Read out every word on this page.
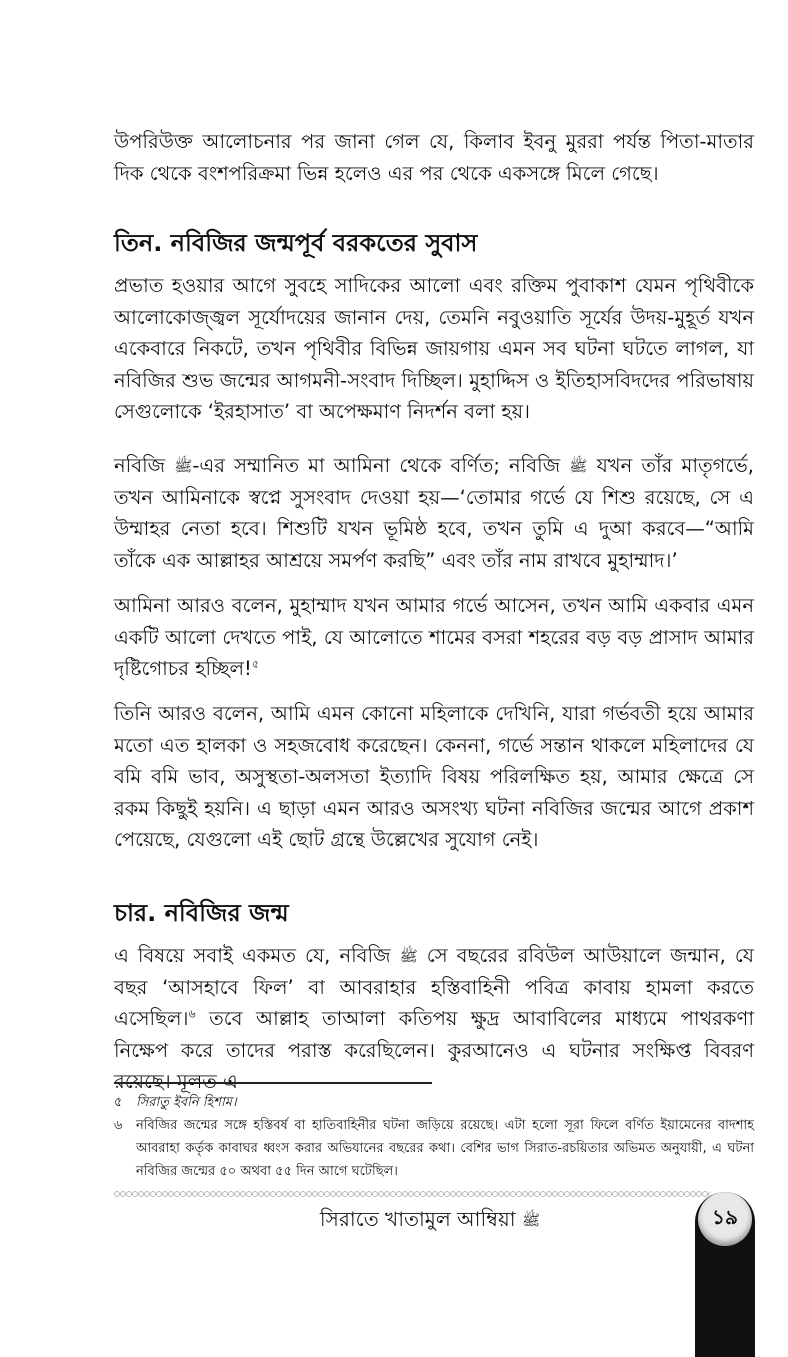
উপরিউক্ত আলোচনার পর জানা গেল যে, কিলাব ইবনু মুররা পর্যন্ত পিতা-মাতার দিক থেকে বংশপরিক্রমা ভিন্ন হলেও এর পর থেকে একসঙ্গে মিলে গেছে।

তিন. নবিজির জন্মপূর্ব বরকতের সুবাস

প্রভাত হওয়ার আগে সুবহে সাদিকের আলো এবং রক্তিম পুবাকাশ যেমন পৃথিবীকে আলোকোজ্জ্বল সূর্যোদয়ের জানান দেয়, তেমনি নবুওয়াতি সূর্যের উদয়-মুহূর্ত যখন একেবারে নিকটে, তখন পৃথিবীর বিভিন্ন জায়গায় এমন সব ঘটনা ঘটতে লাগল, যা নবিজির শুভ জন্মের আগমনী-সংবাদ দিচ্ছিল। মুহাদ্দিস ও ইতিহাসবিদদের পরিভাষায় সেগুলোকে ‘ইরহাসাত’ বা অপেক্ষমাণ নিদর্শন বলা হয়।

নবিজি ﷺ-এর সম্মানিত মা আমিনা থেকে বর্ণিত; নবিজি ﷺ যখন তাঁর মাতৃগর্ভে, তখন আমিনাকে স্বপ্নে সুসংবাদ দেওয়া হয়—‘তোমার গর্ভে যে শিশু রয়েছে, সে এ উম্মাহর নেতা হবে। শিশুটি যখন ভূমিষ্ঠ হবে, তখন তুমি এ দুআ করবে—“আমি তাঁকে এক আল্লাহর আশ্রয়ে সমর্পণ করছি” এবং তাঁর নাম রাখবে মুহাম্মাদ।’

আমিনা আরও বলেন, মুহাম্মাদ যখন আমার গর্ভে আসেন, তখন আমি একবার এমন একটি আলো দেখতে পাই, যে আলোতে শামের বসরা শহরের বড় বড় প্রাসাদ আমার দৃষ্টিগোচর হচ্ছিল!$^৫$

তিনি আরও বলেন, আমি এমন কোনো মহিলাকে দেখিনি, যারা গর্ভবতী হয়ে আমার মতো এত হালকা ও সহজবোধ করেছেন। কেননা, গর্ভে সন্তান থাকলে মহিলাদের যে বমি বমি ভাব, অসুস্থতা-অলসতা ইত্যাদি বিষয় পরিলক্ষিত হয়, আমার ক্ষেত্রে সে রকম কিছুই হয়নি। এ ছাড়া এমন আরও অসংখ্য ঘটনা নবিজির জন্মের আগে প্রকাশ পেয়েছে, যেগুলো এই ছোট গ্রন্থে উল্লেখের সুযোগ নেই।

চার. নবিজির জন্ম

এ বিষয়ে সবাই একমত যে, নবিজি ﷺ সে বছরের রবিউল আউয়ালে জন্মান, যে বছর ‘আসহাবে ফিল’ বা আবরাহার হস্তিবাহিনী পবিত্র কাবায় হামলা করতে এসেছিল।$^৬$ তবে আল্লাহ তাআলা কতিপয় ক্ষুদ্র আবাবিলের মাধ্যমে পাথরকণা নিক্ষেপ করে তাদের পরাস্ত করেছিলেন। কুরআনেও এ ঘটনার সংক্ষিপ্ত বিবরণ রয়েছে। মূলত এ

৫	সিরাতু ইবনি হিশাম।
৬	নবিজির জন্মের সঙ্গে হস্তিবর্ষ বা হাতিবাহিনীর ঘটনা জড়িয়ে রয়েছে। এটা হলো সূরা ফিলে বর্ণিত ইয়ামেনের বাদশাহ আবরাহা কর্তৃক কাবাঘর ধ্বংস করার অভিযানের বছরের কথা। বেশির ভাগ সিরাত-রচয়িতার অভিমত অনুযায়ী, এ ঘটনা নবিজির জন্মের ৫০ অথবা ৫৫ দিন আগে ঘটেছিল।
সিরাতে খাতামুল আম্বিয়া ﷺ	১৯
